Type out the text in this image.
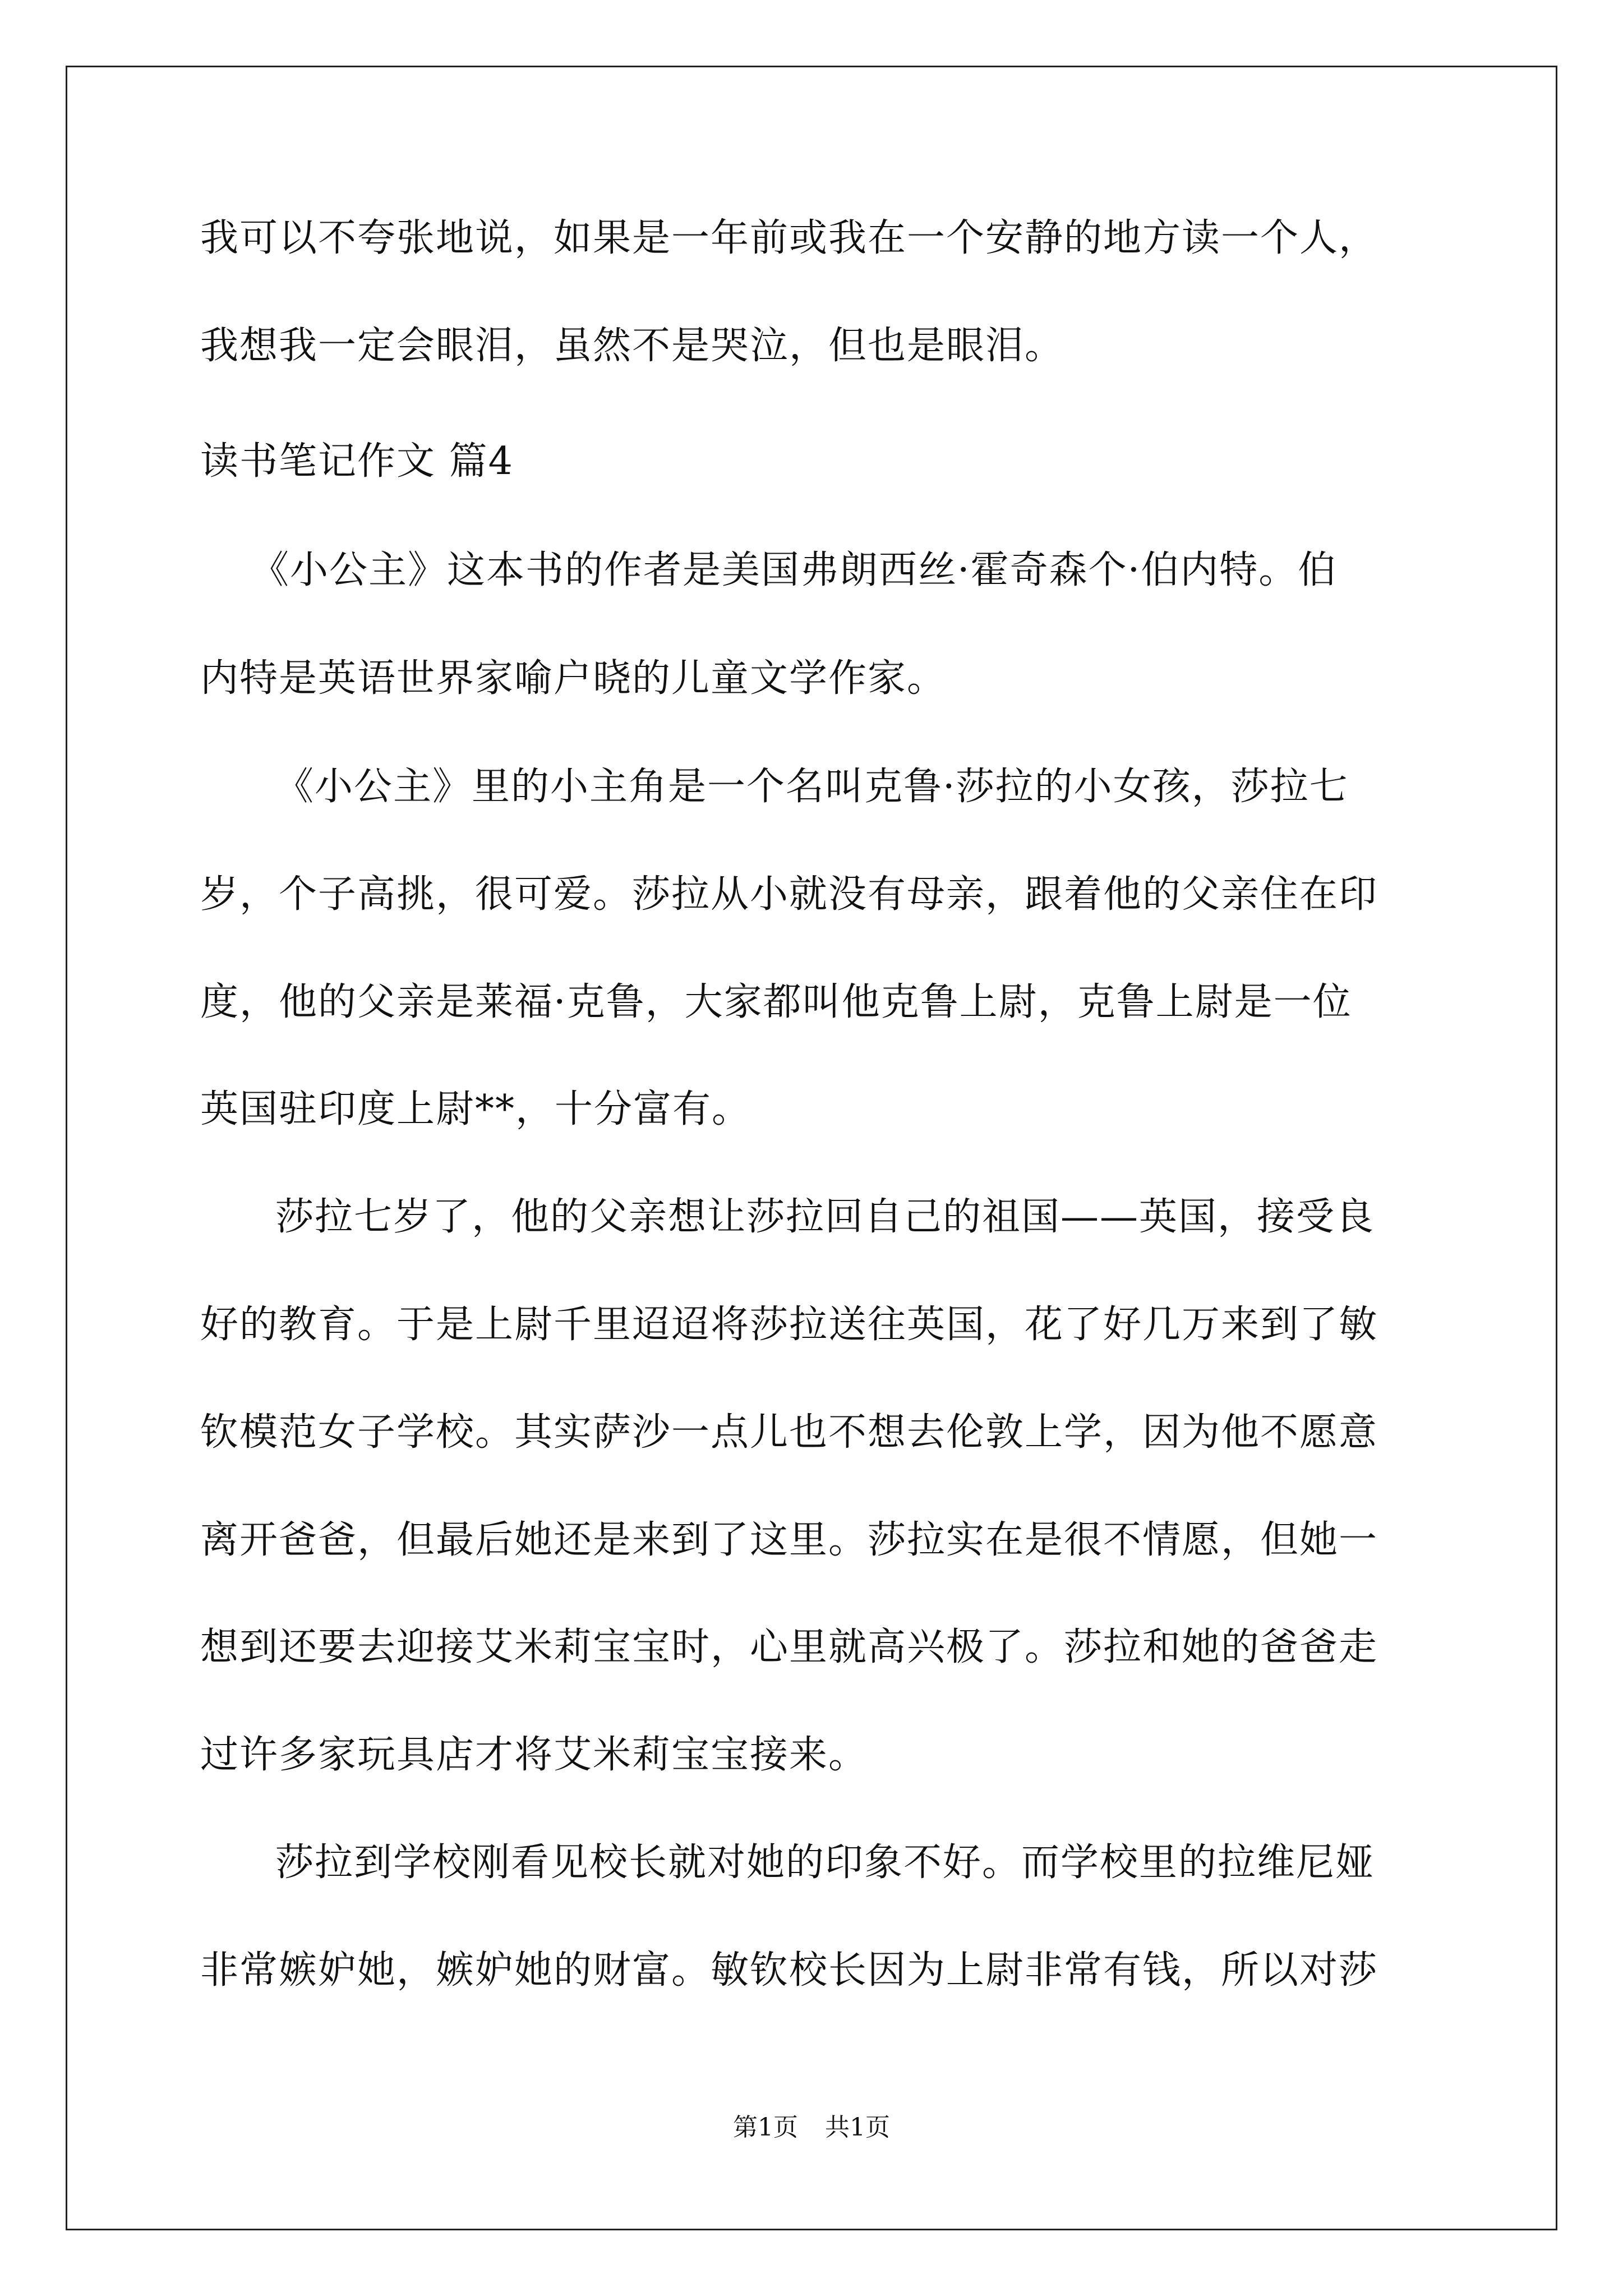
我可以不夸张地说，如果是一年前或我在一个安静的地方读一个人，
我想我一定会眼泪，虽然不是哭泣，但也是眼泪。
读书笔记作文 篇4
《小公主》这本书的作者是美国弗朗西丝·霍奇森个·伯内特。伯
内特是英语世界家喻户晓的儿童文学作家。
《小公主》里的小主角是一个名叫克鲁·莎拉的小女孩，莎拉七
岁，个子高挑，很可爱。莎拉从小就没有母亲，跟着他的父亲住在印
度，他的父亲是莱福·克鲁，大家都叫他克鲁上尉，克鲁上尉是一位
英国驻印度上尉**，十分富有。
莎拉七岁了，他的父亲想让莎拉回自己的祖国——英国，接受良
好的教育。于是上尉千里迢迢将莎拉送往英国，花了好几万来到了敏
钦模范女子学校。其实萨沙一点儿也不想去伦敦上学，因为他不愿意
离开爸爸，但最后她还是来到了这里。莎拉实在是很不情愿，但她一
想到还要去迎接艾米莉宝宝时，心里就高兴极了。莎拉和她的爸爸走
过许多家玩具店才将艾米莉宝宝接来。
莎拉到学校刚看见校长就对她的印象不好。而学校里的拉维尼娅
非常嫉妒她，嫉妒她的财富。敏钦校长因为上尉非常有钱，所以对莎
第1页 共1页
